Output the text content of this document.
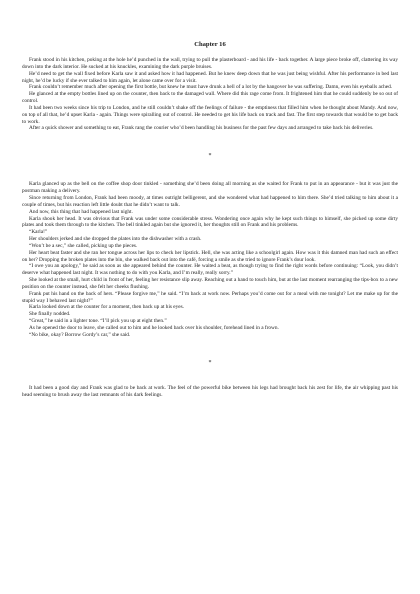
Chapter 16

Frank stood in his kitchen, poking at the hole he’d punched in the wall, trying to pull the plasterboard - and his life - back together. A large piece broke off, clattering its way down into the dark interior. He sucked at his knuckles, examining the dark purple bruises.

He’d need to get the wall fixed before Karla saw it and asked how it had happened. But he knew deep down that he was just being wishful. After his performance in bed last night, he’d be lucky if she ever talked to him again, let alone came over for a visit.

Frank couldn’t remember much after opening the first bottle, but knew he must have drunk a hell of a lot by the hangover he was suffering. Damn, even his eyeballs ached.

He glanced at the empty bottles lined up on the counter, then back to the damaged wall. Where did this rage come from. It frightened him that he could suddenly be so out of control.

It had been two weeks since his trip to London, and he still couldn’t shake off the feelings of failure - the emptiness that filled him when he thought about Mandy. And now, on top of all that, he’d upset Karla - again. Things were spiralling out of control. He needed to get his life back on track and fast. The first step towards that would be to get back to work.

After a quick shower and something to eat, Frank rang the courier who’d been handling his business for the past few days and arranged to take back his deliveries.

*

Karla glanced up as the bell on the coffee shop door tinkled - something she’d been doing all morning as she waited for Frank to put in an appearance - but it was just the postman making a delivery.

Since returning from London, Frank had been moody, at times outright belligerent, and she wondered what had happened to him there. She’d tried talking to him about it a couple of times, but his reaction left little doubt that he didn’t want to talk.

And now, this thing that had happened last night.

Karla shook her head. It was obvious that Frank was under some considerable stress. Wondering once again why he kept such things to himself, she picked up some dirty plates and took them through to the kitchen. The bell tinkled again but she ignored it, her thoughts still on Frank and his problems.

“Karla!”

Her shoulders jerked and she dropped the plates into the dishwasher with a crash.

“Won’t be a sec,” she called, picking up the pieces.

Her heart beat faster and she ran her tongue across her lips to check her lipstick. Hell, she was acting like a schoolgirl again. How was it this damned man had such an effect on her? Dropping the broken plates into the bin, she walked back out into the café, forcing a smile as she tried to ignore Frank’s dour look.

“I owe you an apology,” he said as soon as she appeared behind the counter. He waited a beat, as though trying to find the right words before continuing: “Look, you didn’t deserve what happened last night. It was nothing to do with you Karla, and I’m really, really sorry.”

She looked at the small, hurt child in front of her, feeling her resistance slip away. Reaching out a hand to touch him, but at the last moment rearranging the tips-box to a new position on the counter instead, she felt her cheeks flushing.

Frank put his hand on the back of hers. “Please forgive me,” he said. “I’m back at work now. Perhaps you’d come out for a meal with me tonight? Let me make up for the stupid way I behaved last night?”

Karla looked down at the counter for a moment, then back up at his eyes.

She finally nodded.

“Great,” he said in a lighter tone. “I’ll pick you up at eight then.”

As he opened the door to leave, she called out to him and he looked back over his shoulder, forehead lined in a frown.

“No bike, okay? Borrow Gordy’s car,” she said.

*

It had been a good day and Frank was glad to be back at work. The feel of the powerful bike between his legs had brought back his zest for life, the air whipping past his head seeming to brush away the last remnants of his dark feelings.
